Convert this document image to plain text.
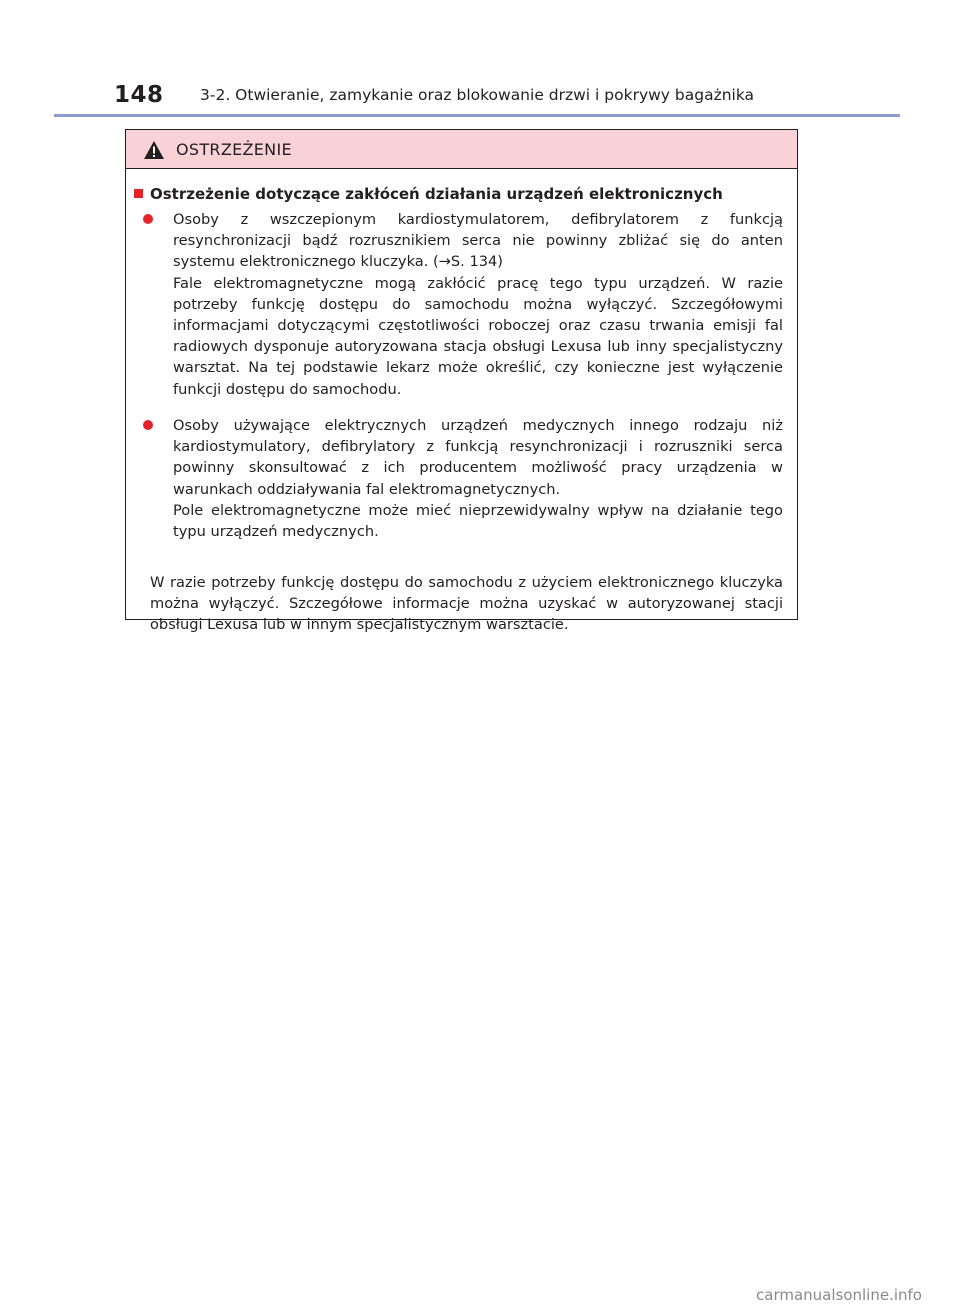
148 3-2. Otwieranie, zamykanie oraz blokowanie drzwi i pokrywy bagażnika
OSTRZEŻENIE
Ostrzeżenie dotyczące zakłóceń działania urządzeń elektronicznych

Osoby z wszczepionym kardiostymulatorem, defibrylatorem z funkcją resynchronizacji bądź rozrusznikiem serca nie powinny zbliżać się do anten systemu elektronicznego kluczyka. (→S. 134)

Fale elektromagnetyczne mogą zakłócić pracę tego typu urządzeń. W razie potrzeby funkcję dostępu do samochodu można wyłączyć. Szczegółowymi informacjami dotyczącymi częstotliwości roboczej oraz czasu trwania emisji fal radiowych dysponuje autoryzowana stacja obsługi Lexusa lub inny specjalistyczny warsztat. Na tej podstawie lekarz może określić, czy konieczne jest wyłączenie funkcji dostępu do samochodu.

Osoby używające elektrycznych urządzeń medycznych innego rodzaju niż kardiostymulatory, defibrylatory z funkcją resynchronizacji i rozruszniki serca powinny skonsultować z ich producentem możliwość pracy urządzenia w warunkach oddziaływania fal elektromagnetycznych.

Pole elektromagnetyczne może mieć nieprzewidywalny wpływ na działanie tego typu urządzeń medycznych.

W razie potrzeby funkcję dostępu do samochodu z użyciem elektronicznego kluczyka można wyłączyć. Szczegółowe informacje można uzyskać w autoryzowanej stacji obsługi Lexusa lub w innym specjalistycznym warsztacie.
carmanualsonline.info
